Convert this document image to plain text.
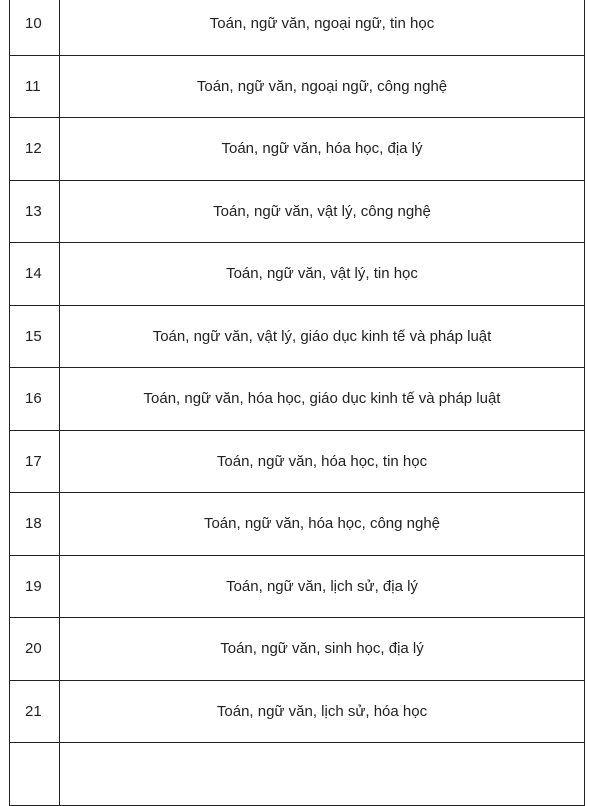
10	Toán, ngữ văn, ngoại ngữ, tin học
11	Toán, ngữ văn, ngoại ngữ, công nghệ
12	Toán, ngữ văn, hóa học, địa lý
13	Toán, ngữ văn, vật lý, công nghệ
14	Toán, ngữ văn, vật lý, tin học
15	Toán, ngữ văn, vật lý, giáo dục kinh tế và pháp luật
16	Toán, ngữ văn, hóa học, giáo dục kinh tế và pháp luật
17	Toán, ngữ văn, hóa học, tin học
18	Toán, ngữ văn, hóa học, công nghệ
19	Toán, ngữ văn, lịch sử, địa lý
20	Toán, ngữ văn, sinh học, địa lý
21	Toán, ngữ văn, lịch sử, hóa học
